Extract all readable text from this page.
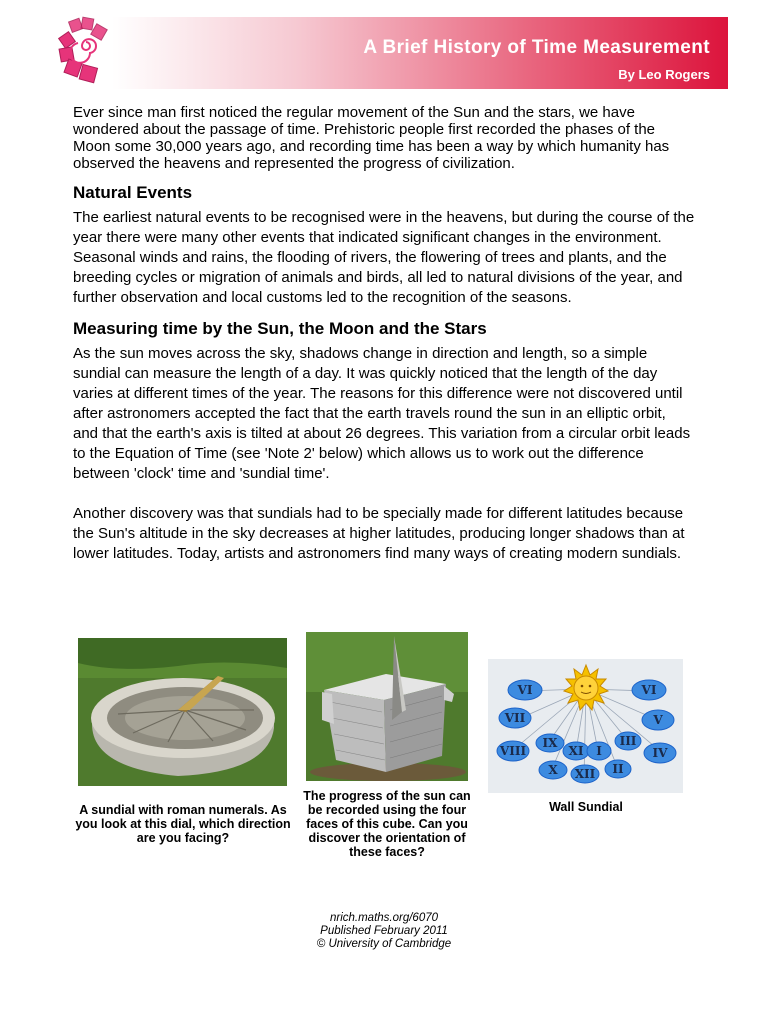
A Brief History of Time Measurement
By Leo Rogers

Ever since man first noticed the regular movement of the Sun and the stars, we have wondered about the passage of time. Prehistoric people first recorded the phases of the Moon some 30,000 years ago, and recording time has been a way by which humanity has observed the heavens and represented the progress of civilization.

Natural Events

The earliest natural events to be recognised were in the heavens, but during the course of the year there were many other events that indicated significant changes in the environment. Seasonal winds and rains, the flooding of rivers, the flowering of trees and plants, and the breeding cycles or migration of animals and birds, all led to natural divisions of the year, and further observation and local customs led to the recognition of the seasons.

Measuring time by the Sun, the Moon and the Stars

As the sun moves across the sky, shadows change in direction and length, so a simple sundial can measure the length of a day. It was quickly noticed that the length of the day varies at different times of the year. The reasons for this difference were not discovered until after astronomers accepted the fact that the earth travels round the sun in an elliptic orbit, and that the earth's axis is tilted at about 26 degrees. This variation from a circular orbit leads to the Equation of Time (see 'Note 2' below) which allows us to work out the difference between 'clock' time and 'sundial time'.

Another discovery was that sundials had to be specially made for different latitudes because the Sun's altitude in the sky decreases at higher latitudes, producing longer shadows than at lower latitudes. Today, artists and astronomers find many ways of creating modern sundials.

A sundial with roman numerals. As you look at this dial, which direction are you facing?
The progress of the sun can be recorded using the four faces of this cube. Can you discover the orientation of these faces?
VI
VII
VIII
IX
X
XI
XII
I
II
III
IV
V
VI
Wall Sundial
nrich.maths.org/6070
Published February 2011
© University of Cambridge
